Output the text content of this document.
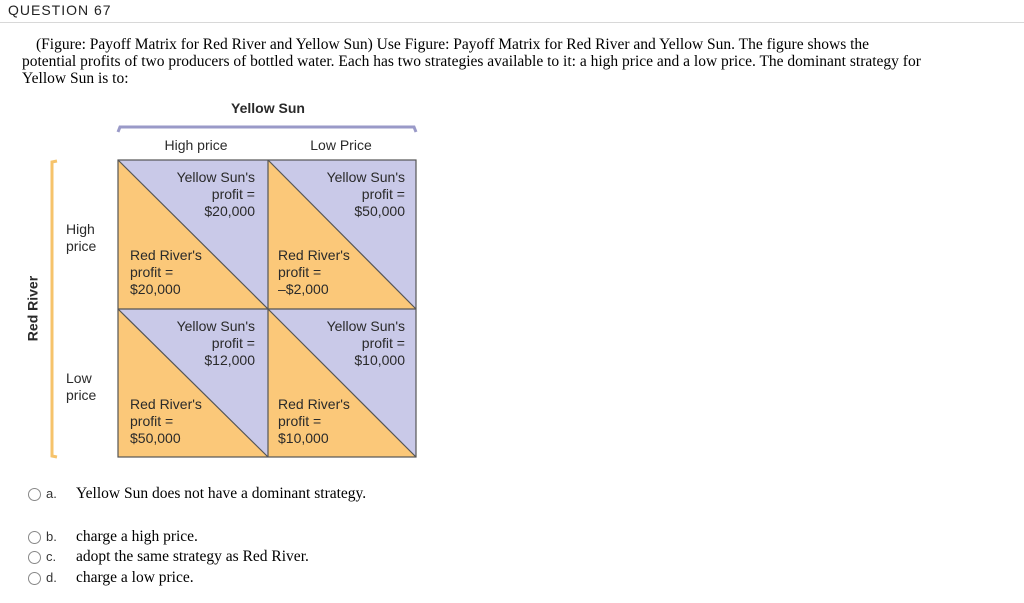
QUESTION 67
(Figure: Payoff Matrix for Red River and Yellow Sun) Use Figure: Payoff Matrix for Red River and Yellow Sun. The figure shows the
potential profits of two producers of bottled water. Each has two strategies available to it: a high price and a low price. The dominant strategy for
Yellow Sun is to:
Yellow Sun
High price	Low Price
Red River
High
price
Low
price
Yellow Sun's
profit =
$20,000
Red River's
profit =
$20,000
Yellow Sun's
profit =
$50,000
Red River's
profit =
–$2,000
Yellow Sun's
profit =
$12,000
Red River's
profit =
$50,000
Yellow Sun's
profit =
$10,000
Red River's
profit =
$10,000
a. Yellow Sun does not have a dominant strategy.
b. charge a high price.
c. adopt the same strategy as Red River.
d. charge a low price.
